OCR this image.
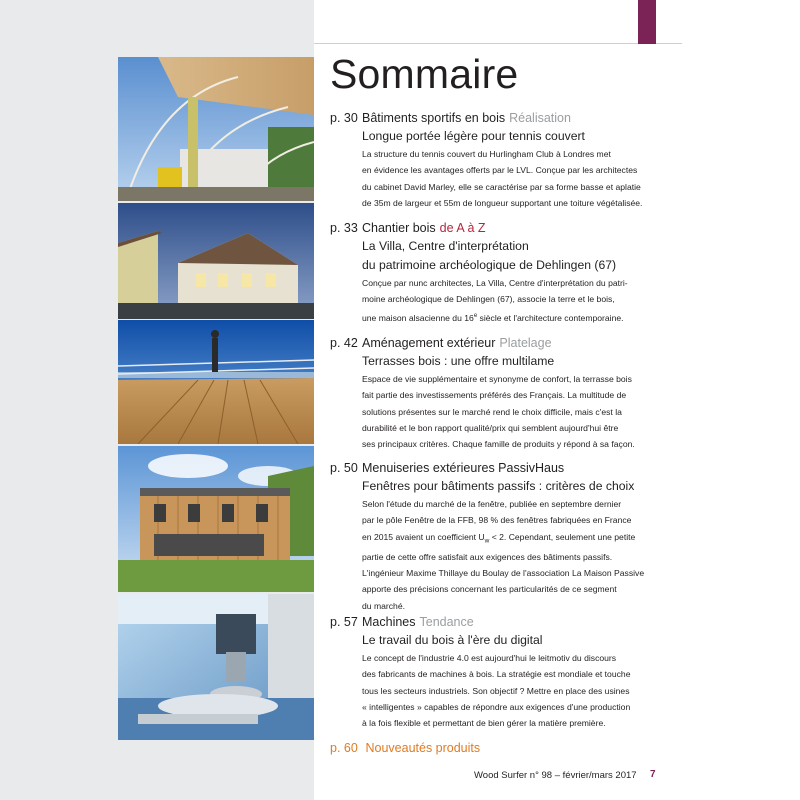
Sommaire
p. 30 Bâtiments sportifs en bois Réalisation
Longue portée légère pour tennis couvert
La structure du tennis couvert du Hurlingham Club à Londres met
en évidence les avantages offerts par le LVL. Conçue par les architectes
du cabinet David Marley, elle se caractérise par sa forme basse et aplatie
de 35m de largeur et 55m de longueur supportant une toiture végétalisée.
p. 33 Chantier bois de A à Z
La Villa, Centre d'interprétation
du patrimoine archéologique de Dehlingen (67)
Conçue par nunc architectes, La Villa, Centre d'interprétation du patri-
moine archéologique de Dehlingen (67), associe la terre et le bois,
une maison alsacienne du 16e siècle et l'architecture contemporaine.
p. 42 Aménagement extérieur Platelage
Terrasses bois : une offre multilame
Espace de vie supplémentaire et synonyme de confort, la terrasse bois
fait partie des investissements préférés des Français. La multitude de
solutions présentes sur le marché rend le choix difficile, mais c'est la
durabilité et le bon rapport qualité/prix qui semblent aujourd'hui être
ses principaux critères. Chaque famille de produits y répond à sa façon.
p. 50 Menuiseries extérieures PassivHaus
Fenêtres pour bâtiments passifs : critères de choix
Selon l'étude du marché de la fenêtre, publiée en septembre dernier
par le pôle Fenêtre de la FFB, 98 % des fenêtres fabriquées en France
en 2015 avaient un coefficient $U_w < 2$. Cependant, seulement une petite
partie de cette offre satisfait aux exigences des bâtiments passifs.
L'ingénieur Maxime Thillaye du Boulay de l'association La Maison Passive
apporte des précisions concernant les particularités de ce segment
du marché.
p. 57 Machines Tendance
Le travail du bois à l'ère du digital
Le concept de l'industrie 4.0 est aujourd'hui le leitmotiv du discours
des fabricants de machines à bois. La stratégie est mondiale et touche
tous les secteurs industriels. Son objectif ? Mettre en place des usines
« intelligentes » capables de répondre aux exigences d'une production
à la fois flexible et permettant de bien gérer la matière première.
p. 60 Nouveautés produits
Wood Surfer n° 98 – février/mars 2017 7
